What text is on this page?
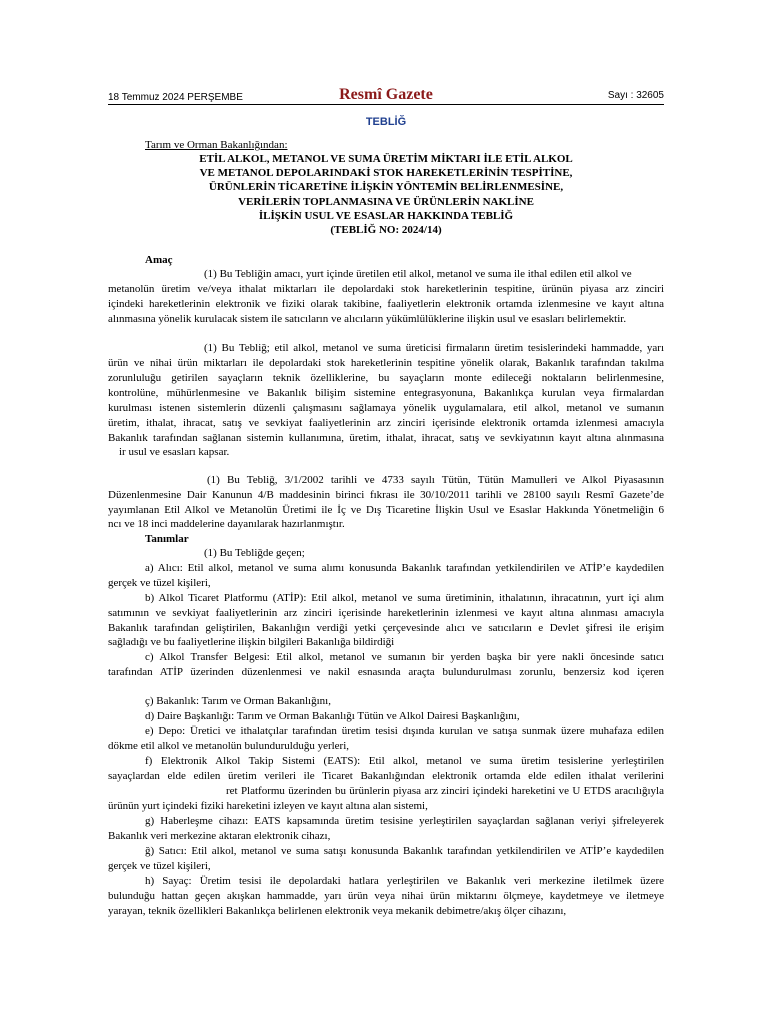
18 Temmuz 2024 PERŞEMBE	Resmî Gazete	Sayı : 32605
TEBLİĞ
Tarım ve Orman Bakanlığından:
ETİL ALKOL, METANOL VE SUMA ÜRETİM MİKTARI İLE ETİL ALKOL
VE METANOL DEPOLARINDAKİ STOK HAREKETLERİNİN TESPİTİNE,
ÜRÜNLERİN TİCARETİNE İLİŞKİN YÖNTEMİN BELİRLENMESİNE,
VERİLERİN TOPLANMASINA VE ÜRÜNLERİN NAKLİNE
İLİŞKİN USUL VE ESASLAR HAKKINDA TEBLİĞ
(TEBLİĞ NO: 2024/14)
Amaç
(1) Bu Tebliğin amacı, yurt içinde üretilen etil alkol, metanol ve suma ile ithal edilen etil alkol ve
metanolün üretim ve/veya ithalat miktarları ile depolardaki stok hareketlerinin tespitine, ürünün piyasa arz zinciri
içindeki hareketlerinin elektronik ve fiziki olarak takibine, faaliyetlerin elektronik ortamda izlenmesine ve kayıt altına
alınmasına yönelik kurulacak sistem ile satıcıların ve alıcıların yükümlülüklerine ilişkin usul ve esasları belirlemektir.
(1) Bu Tebliğ; etil alkol, metanol ve suma üreticisi firmaların üretim tesislerindeki hammadde, yarı
ürün ve nihai ürün miktarları ile depolardaki stok hareketlerinin tespitine yönelik olarak, Bakanlık tarafından takılma
zorunluluğu getirilen sayaçların teknik özelliklerine, bu sayaçların monte edileceği noktaların belirlenmesine,
kontrolüne, mühürlenmesine ve Bakanlık bilişim sistemine entegrasyonuna, Bakanlıkça kurulan veya firmalardan
kurulması istenen sistemlerin düzenli çalışmasını sağlamaya yönelik uygulamalara, etil alkol, metanol ve sumanın
üretim, ithalat, ihracat, satış ve sevkiyat faaliyetlerinin arz zinciri içerisinde elektronik ortamda izlenmesi amacıyla
Bakanlık tarafından sağlanan sistemin kullanımına, üretim, ithalat, ihracat, satış ve sevkiyatının kayıt altına alınmasına
ir usul ve esasları kapsar.
(1) Bu Tebliğ, 3/1/2002 tarihli ve 4733 sayılı Tütün, Tütün Mamulleri ve Alkol Piyasasının
Düzenlenmesine Dair Kanunun 4/B maddesinin birinci fıkrası ile 30/10/2011 tarihli ve 28100 sayılı Resmî Gazete’de
yayımlanan Etil Alkol ve Metanolün Üretimi ile İç ve Dış Ticaretine İlişkin Usul ve Esaslar Hakkında Yönetmeliğin 6
ncı ve 18 inci maddelerine dayanılarak hazırlanmıştır.
Tanımlar
(1) Bu Tebliğde geçen;
a) Alıcı: Etil alkol, metanol ve suma alımı konusunda Bakanlık tarafından yetkilendirilen ve ATİP’e kaydedilen
gerçek ve tüzel kişileri,
b) Alkol Ticaret Platformu (ATİP): Etil alkol, metanol ve suma üretiminin, ithalatının, ihracatının, yurt içi alım
satımının ve sevkiyat faaliyetlerinin arz zinciri içerisinde hareketlerinin izlenmesi ve kayıt altına alınması amacıyla
Bakanlık tarafından geliştirilen, Bakanlığın verdiği yetki çerçevesinde alıcı ve satıcıların e Devlet şifresi ile erişim
sağladığı ve bu faaliyetlerine ilişkin bilgileri Bakanlığa bildirdiği
c) Alkol Transfer Belgesi: Etil alkol, metanol ve sumanın bir yerden başka bir yere nakli öncesinde satıcı
tarafından ATİP üzerinden düzenlenmesi ve nakil esnasında araçta bulundurulması zorunlu, benzersiz kod içeren
ç) Bakanlık: Tarım ve Orman Bakanlığını,
d) Daire Başkanlığı: Tarım ve Orman Bakanlığı Tütün ve Alkol Dairesi Başkanlığını,
e) Depo: Üretici ve ithalatçılar tarafından üretim tesisi dışında kurulan ve satışa sunmak üzere muhafaza edilen
dökme etil alkol ve metanolün bulundurulduğu yerleri,
f) Elektronik Alkol Takip Sistemi (EATS): Etil alkol, metanol ve suma üretim tesislerine yerleştirilen
sayaçlardan elde edilen üretim verileri ile Ticaret Bakanlığından elektronik ortamda elde edilen ithalat verilerini
ret Platformu üzerinden bu ürünlerin piyasa arz zinciri içindeki hareketini ve U ETDS aracılığıyla
ürünün yurt içindeki fiziki hareketini izleyen ve kayıt altına alan sistemi,
g) Haberleşme cihazı: EATS kapsamında üretim tesisine yerleştirilen sayaçlardan sağlanan veriyi şifreleyerek
Bakanlık veri merkezine aktaran elektronik cihazı,
ğ) Satıcı: Etil alkol, metanol ve suma satışı konusunda Bakanlık tarafından yetkilendirilen ve ATİP’e kaydedilen
gerçek ve tüzel kişileri,
h) Sayaç: Üretim tesisi ile depolardaki hatlara yerleştirilen ve Bakanlık veri merkezine iletilmek üzere
bulunduğu hattan geçen akışkan hammadde, yarı ürün veya nihai ürün miktarını ölçmeye, kaydetmeye ve iletmeye
yarayan, teknik özellikleri Bakanlıkça belirlenen elektronik veya mekanik debimetre/akış ölçer cihazını,
